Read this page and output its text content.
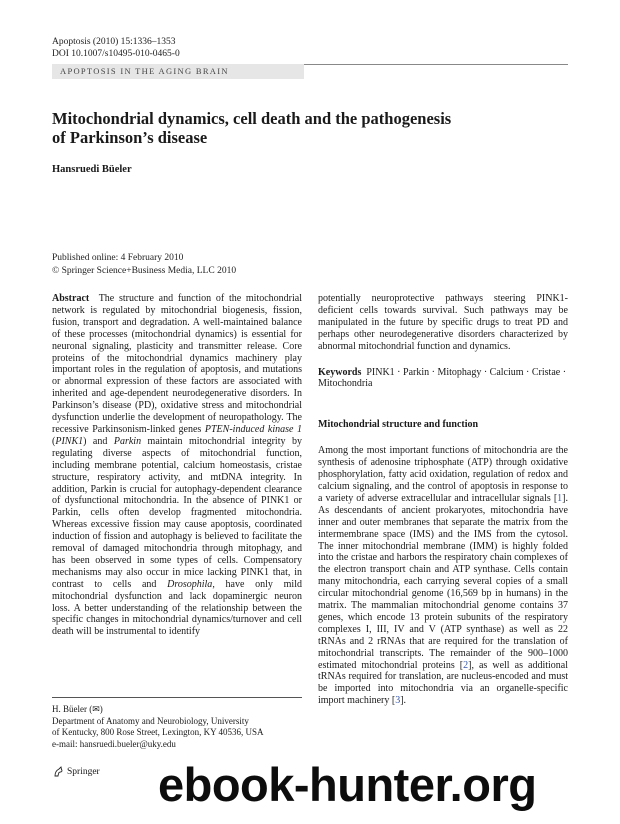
Apoptosis (2010) 15:1336–1353
DOI 10.1007/s10495-010-0465-0
APOPTOSIS IN THE AGING BRAIN
Mitochondrial dynamics, cell death and the pathogenesis
of Parkinson’s disease
Hansruedi Büeler
Published online: 4 February 2010
© Springer Science+Business Media, LLC 2010

Abstract The structure and function of the mitochondrial network is regulated by mitochondrial biogenesis, fission, fusion, transport and degradation. A well-maintained balance of these processes (mitochondrial dynamics) is essential for neuronal signaling, plasticity and transmitter release. Core proteins of the mitochondrial dynamics machinery play important roles in the regulation of apoptosis, and mutations or abnormal expression of these factors are associated with inherited and age-dependent neurodegenerative disorders. In Parkinson’s disease (PD), oxidative stress and mitochondrial dysfunction underlie the development of neuropathology. The recessive Parkinsonism-linked genes PTEN-induced kinase 1 (PINK1) and Parkin maintain mitochondrial integrity by regulating diverse aspects of mitochondrial function, including membrane potential, calcium homeostasis, cristae structure, respiratory activity, and mtDNA integrity. In addition, Parkin is crucial for autophagy-dependent clearance of dysfunctional mitochondria. In the absence of PINK1 or Parkin, cells often develop fragmented mitochondria. Whereas excessive fission may cause apoptosis, coordinated induction of fission and autophagy is believed to facilitate the removal of damaged mitochondria through mitophagy, and has been observed in some types of cells. Compensatory mechanisms may also occur in mice lacking PINK1 that, in contrast to cells and Drosophila, have only mild mitochondrial dysfunction and lack dopaminergic neuron loss. A better understanding of the relationship between the specific changes in mitochondrial dynamics/turnover and cell death will be instrumental to identify

H. Büeler (✉)
Department of Anatomy and Neurobiology, University
of Kentucky, 800 Rose Street, Lexington, KY 40536, USA
e-mail: hansruedi.bueler@uky.edu

potentially neuroprotective pathways steering PINK1-deficient cells towards survival. Such pathways may be manipulated in the future by specific drugs to treat PD and perhaps other neurodegenerative disorders characterized by abnormal mitochondrial function and dynamics.

Keywords PINK1 · Parkin · Mitophagy · Calcium · Cristae · Mitochondria

Mitochondrial structure and function

Among the most important functions of mitochondria are the synthesis of adenosine triphosphate (ATP) through oxidative phosphorylation, fatty acid oxidation, regulation of redox and calcium signaling, and the control of apoptosis in response to a variety of adverse extracellular and intracellular signals [1]. As descendants of ancient prokaryotes, mitochondria have inner and outer membranes that separate the matrix from the intermembrane space (IMS) and the IMS from the cytosol. The inner mitochondrial membrane (IMM) is highly folded into the cristae and harbors the respiratory chain complexes of the electron transport chain and ATP synthase. Cells contain many mitochondria, each carrying several copies of a small circular mitochondrial genome (16,569 bp in humans) in the matrix. The mammalian mitochondrial genome contains 37 genes, which encode 13 protein subunits of the respiratory complexes I, III, IV and V (ATP synthase) as well as 22 tRNAs and 2 rRNAs that are required for the translation of mitochondrial transcripts. The remainder of the 900–1000 estimated mitochondrial proteins [2], as well as additional tRNAs required for translation, are nucleus-encoded and must be imported into mitochondria via an organelle-specific import machinery [3].

Springer ebook-hunter.org
